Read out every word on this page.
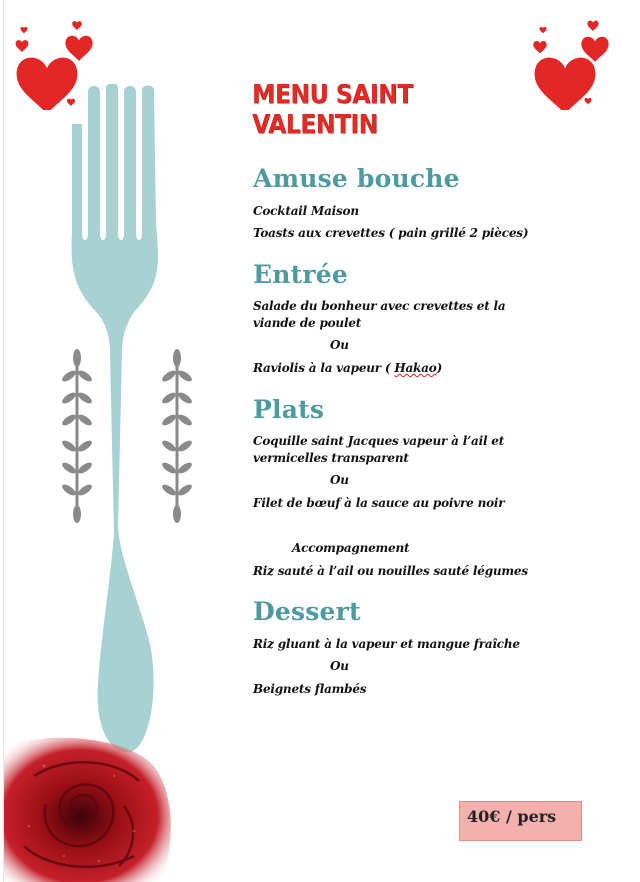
MENU SAINT VALENTIN
Amuse bouche
Cocktail Maison
Toasts aux crevettes ( pain grillé 2 pièces)
Entrée
Salade du bonheur avec crevettes et la viande de poulet
Ou
Raviolis à la vapeur ( Hakao)
Plats
Coquille saint Jacques vapeur à l’ail et vermicelles transparent
Ou
Filet de bœuf à la sauce au poivre noir
Accompagnement
Riz sauté à l’ail ou nouilles sauté légumes
Dessert
Riz gluant à la vapeur et mangue fraîche
Ou
Beignets flambés
40€ / pers
